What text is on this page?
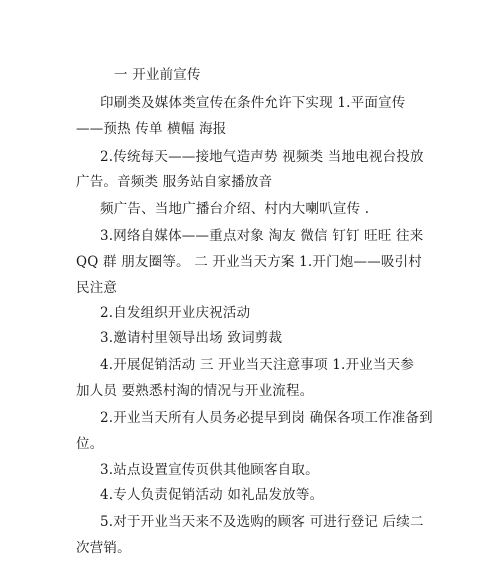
一 开业前宣传
印刷类及媒体类宣传在条件允许下实现 1.平面宣传
——预热 传单 横幅 海报
2.传统每天——接地气造声势 视频类 当地电视台投放
广告。音频类 服务站自家播放音
频广告、当地广播台介绍、村内大喇叭宣传 .
3.网络自媒体——重点对象 淘友 微信 钉钉 旺旺 往来
QQ 群 朋友圈等。 二 开业当天方案 1.开门炮——吸引村
民注意
2.自发组织开业庆祝活动
3.邀请村里领导出场 致词剪裁
4.开展促销活动 三 开业当天注意事项 1.开业当天参
加人员 要熟悉村淘的情况与开业流程。
2.开业当天所有人员务必提早到岗 确保各项工作准备到
位。
3.站点设置宣传页供其他顾客自取。
4.专人负责促销活动 如礼品发放等。
5.对于开业当天来不及选购的顾客 可进行登记 后续二
次营销。
